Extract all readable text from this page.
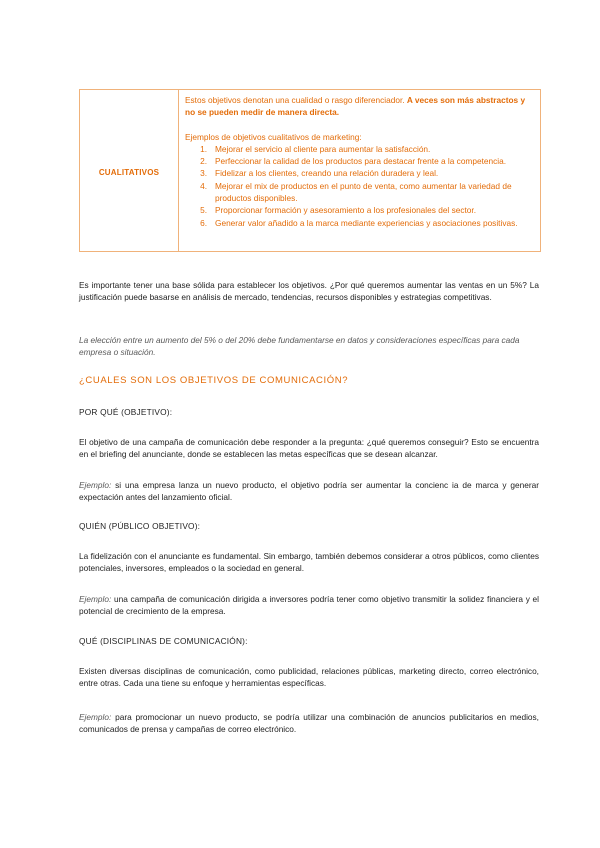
CUALITATIVOS	

Estos objetivos denotan una cualidad o rasgo diferenciador. A veces son más abstractos y no se pueden medir de manera directa.

Ejemplos de objetivos cualitativos de marketing:

1. Mejorar el servicio al cliente para aumentar la satisfacción.
2. Perfeccionar la calidad de los productos para destacar frente a la competencia.
3. Fidelizar a los clientes, creando una relación duradera y leal.
4. Mejorar el mix de productos en el punto de venta, como aumentar la variedad de productos disponibles.
5. Proporcionar formación y asesoramiento a los profesionales del sector.
6. Generar valor añadido a la marca mediante experiencias y asociaciones positivas.

Es importante tener una base sólida para establecer los objetivos. ¿Por qué queremos aumentar las ventas en un 5%? La justificación puede basarse en análisis de mercado, tendencias, recursos disponibles y estrategias competitivas.

La elección entre un aumento del 5% o del 20% debe fundamentarse en datos y consideraciones específicas para cada empresa o situación.

¿CUALES SON LOS OBJETIVOS DE COMUNICACIÓN?
POR QUÉ (OBJETIVO):

El objetivo de una campaña de comunicación debe responder a la pregunta: ¿qué queremos conseguir? Esto se encuentra en el briefing del anunciante, donde se establecen las metas específicas que se desean alcanzar.

Ejemplo: si una empresa lanza un nuevo producto, el objetivo podría ser aumentar la concienc ia de marca y generar expectación antes del lanzamiento oficial.

QUIÉN (PÚBLICO OBJETIVO):

La fidelización con el anunciante es fundamental. Sin embargo, también debemos considerar a otros públicos, como clientes potenciales, inversores, empleados o la sociedad en general.

Ejemplo: una campaña de comunicación dirigida a inversores podría tener como objetivo transmitir la solidez financiera y el potencial de crecimiento de la empresa.

QUÉ (DISCIPLINAS DE COMUNICACIÓN):

Existen diversas disciplinas de comunicación, como publicidad, relaciones públicas, marketing directo, correo electrónico, entre otras. Cada una tiene su enfoque y herramientas específicas.

Ejemplo: para promocionar un nuevo producto, se podría utilizar una combinación de anuncios publicitarios en medios, comunicados de prensa y campañas de correo electrónico.
